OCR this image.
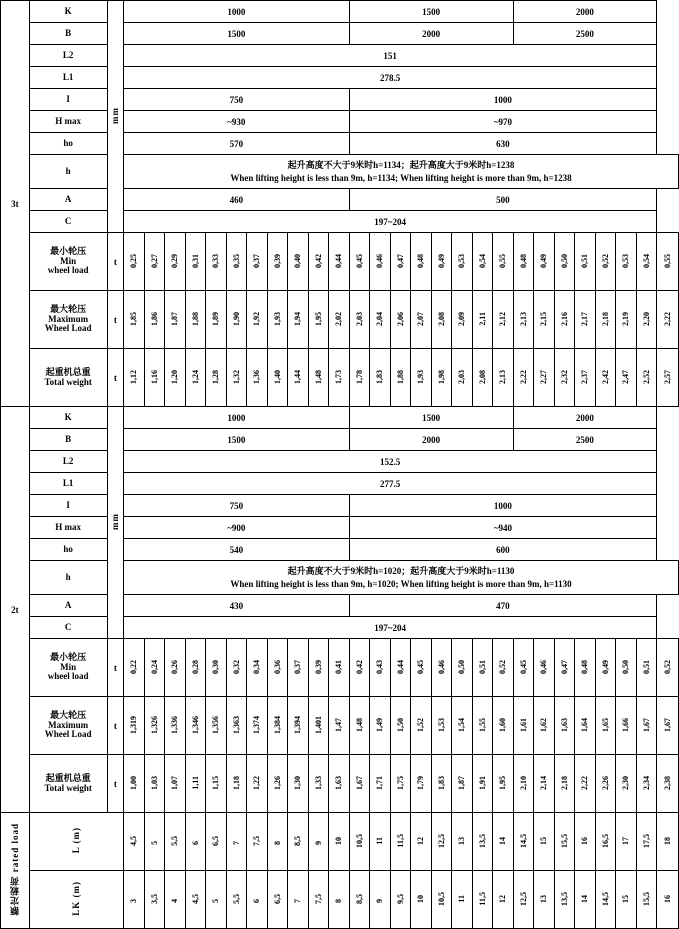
3t	K	mm	1000											1500								2000							
	B		1500											2000								2500							
	L2		151																										
	L1		278.5																										
	I		750											1000															
	H max		~930											~970															
	ho		570											630															
	h		起升高度不大于9米时h=1134；起升高度大于9米时h=1238
When lifting height is less than 9m, h=1134; When lifting height is more than 9m, h=1238																										

	A		460											500															
	C		197~204																										

	最小轮压
Min
wheel load	t	0,25	0,27	0,29	0,31	0,33	0,35	0,37	0,39	0,40	0,42	0,44	0,45	0,46	0,47	0,48	0,49	0,53	0,54	0,55	0,48	0,49	0,50	0,51	0,52	0,53	0,54	0,55

	最大轮压
Maximum
Wheel Load	t	1,85	1,86	1,87	1,88	1,89	1,90	1,92	1,93	1,94	1,95	2,02	2,03	2,04	2,06	2,07	2,08	2,09	2,11	2,12	2,13	2,15	2,16	2,17	2,18	2,19	2,20	2,22

	起重机总重
Total weight	t	1,12	1,16	1,20	1,24	1,28	1,32	1,36	1,40	1,44	1,48	1,73	1,78	1,83	1,88	1,93	1,98	2,03	2,08	2,13	2,22	2,27	2,32	2,37	2,42	2,47	2,52	2,57
2t	K	mm	1000											1500								2000							
	B		1500											2000								2500							
	L2		152.5																										
	L1		277.5																										
	I		750											1000															
	H max		~900											~940															
	ho		540											600															
	h		起升高度不大于9米时h=1020；起升高度大于9米时h=1130
When lifting height is less than 9m, h=1020; When lifting height is more than 9m, h=1130																										

	A		430											470															
	C		197~204																										

	最小轮压
Min
wheel load	t	0,22	0,24	0,26	0,28	0,30	0,32	0,34	0,36	0,37	0,39	0,41	0,42	0,43	0,44	0,45	0,46	0,50	0,51	0,52	0,45	0,46	0,47	0,48	0,49	0,50	0,51	0,52

	最大轮压
Maximum
Wheel Load	t	1,319	1,326	1,336	1,346	1,356	1,363	1,374	1,384	1,394	1,401	1,47	1,48	1,49	1,50	1,52	1,53	1,54	1,55	1,60	1,61	1,62	1,63	1,64	1,65	1,66	1,67	1,67

	起重机总重
Total weight	t	1,00	1,03	1,07	1,11	1,15	1,18	1,22	1,26	1,30	1,33	1,63	1,67	1,71	1,75	1,79	1,83	1,87	1,91	1,95	2,10	2,14	2,18	2,22	2,26	2,30	2,34	2,38
额定载荷 rated load	L (m)		4,5	5	5,5	6	6,5	7	7,5	8	8,5	9	10	10,5	11	11,5	12	12,5	13	13,5	14	14,5	15	15,5	16	16,5	17	17,5	18
	LK (m)		3	3,5	4	4,5	5	5,5	6	6,5	7	7,5	8	8,5	9	9,5	10	10,5	11	11,5	12	12,5	13	13,5	14	14,5	15	15,5	16
